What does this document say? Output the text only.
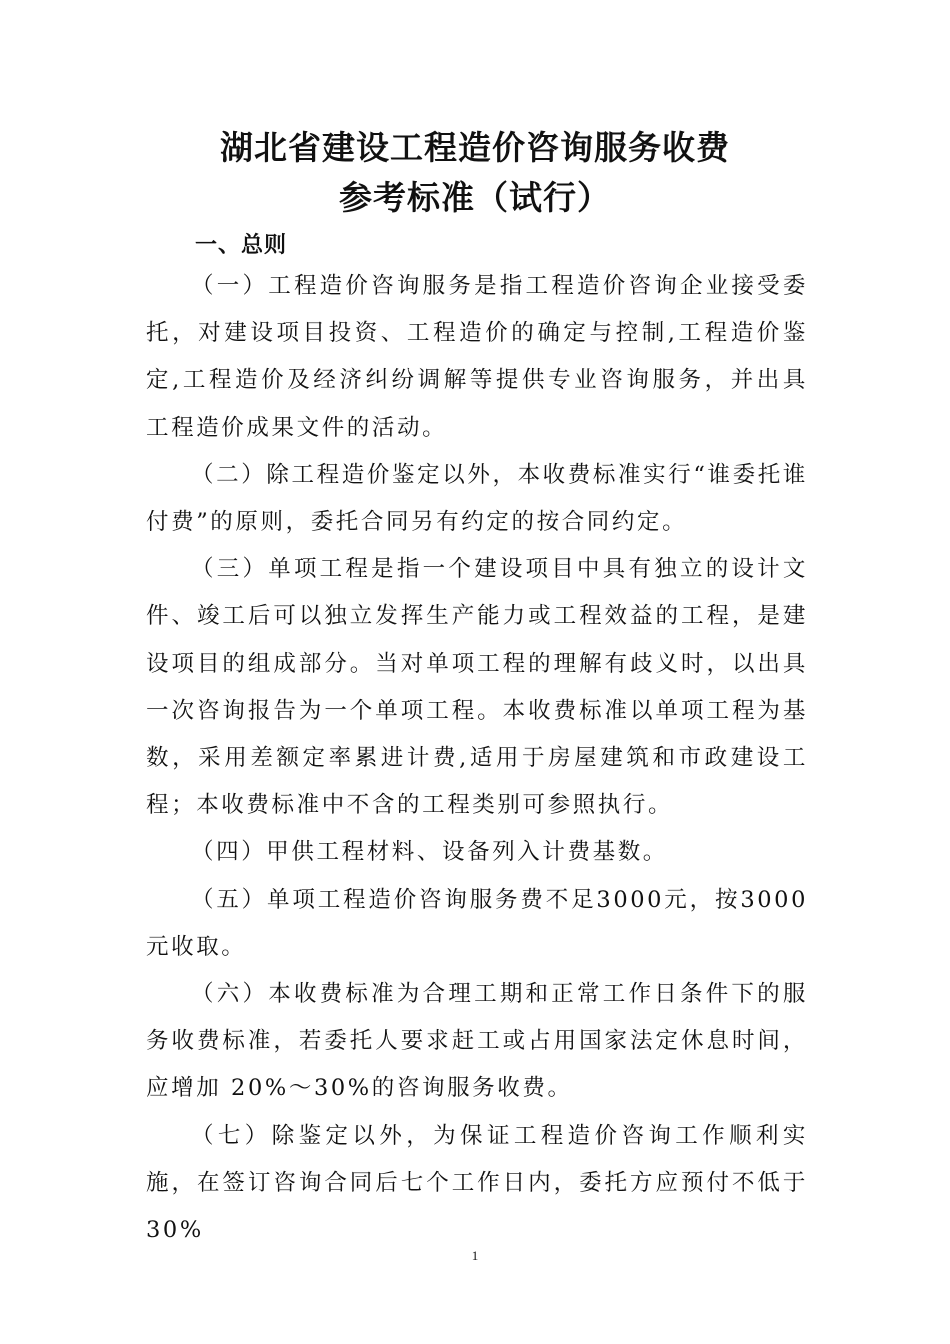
湖北省建设工程造价咨询服务收费
参考标准（试行）
一、总则

（一）工程造价咨询服务是指工程造价咨询企业接受委托，对建设项目投资、工程造价的确定与控制,工程造价鉴定,工程造价及经济纠纷调解等提供专业咨询服务，并出具工程造价成果文件的活动。

（二）除工程造价鉴定以外，本收费标准实行“谁委托谁付费”的原则，委托合同另有约定的按合同约定。

（三）单项工程是指一个建设项目中具有独立的设计文件、竣工后可以独立发挥生产能力或工程效益的工程，是建设项目的组成部分。当对单项工程的理解有歧义时，以出具一次咨询报告为一个单项工程。本收费标准以单项工程为基数，采用差额定率累进计费,适用于房屋建筑和市政建设工程；本收费标准中不含的工程类别可参照执行。

（四）甲供工程材料、设备列入计费基数。

（五）单项工程造价咨询服务费不足3000元，按3000元收取。

（六）本收费标准为合理工期和正常工作日条件下的服务收费标准，若委托人要求赶工或占用国家法定休息时间，应增加 20%～30%的咨询服务收费。

（七）除鉴定以外，为保证工程造价咨询工作顺利实施，在签订咨询合同后七个工作日内，委托方应预付不低于30%

1
